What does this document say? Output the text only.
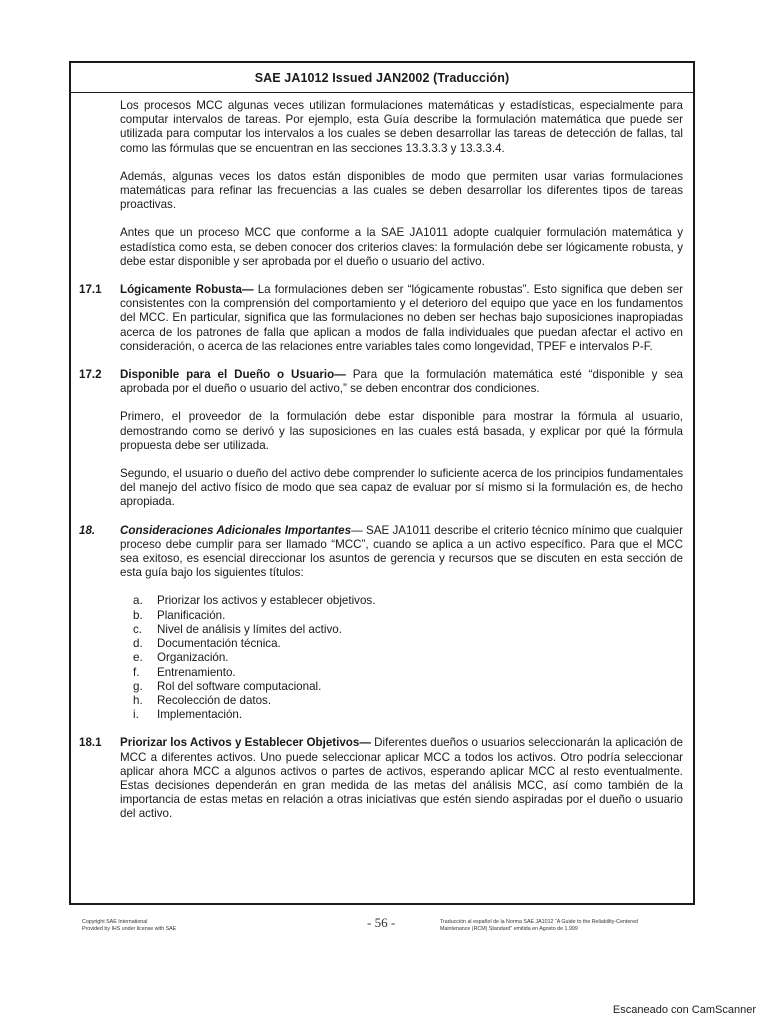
SAE JA1012 Issued JAN2002 (Traducción)

Los procesos MCC algunas veces utilizan formulaciones matemáticas y estadísticas, especialmente para computar intervalos de tareas. Por ejemplo, esta Guía describe la formulación matemática que puede ser utilizada para computar los intervalos a los cuales se deben desarrollar las tareas de detección de fallas, tal como las fórmulas que se encuentran en las secciones 13.3.3.3 y 13.3.3.4.

Además, algunas veces los datos están disponibles de modo que permiten usar varias formulaciones matemáticas para refinar las frecuencias a las cuales se deben desarrollar los diferentes tipos de tareas proactivas.

Antes que un proceso MCC que conforme a la SAE JA1011 adopte cualquier formulación matemática y estadística como esta, se deben conocer dos criterios claves: la formulación debe ser lógicamente robusta, y debe estar disponible y ser aprobada por el dueño o usuario del activo.

17.1	Lógicamente Robusta— La formulaciones deben ser “lógicamente robustas”. Esto significa que deben ser consistentes con la comprensión del comportamiento y el deterioro del equipo que yace en los fundamentos del MCC. En particular, significa que las formulaciones no deben ser hechas bajo suposiciones inapropiadas acerca de los patrones de falla que aplican a modos de falla individuales que puedan afectar el activo en consideración, o acerca de las relaciones entre variables tales como longevidad, TPEF e intervalos P-F.
17.2	Disponible para el Dueño o Usuario— Para que la formulación matemática esté “disponible y sea aprobada por el dueño o usuario del activo,” se deben encontrar dos condiciones.

Primero, el proveedor de la formulación debe estar disponible para mostrar la fórmula al usuario, demostrando como se derivó y las suposiciones en las cuales está basada, y explicar por qué la fórmula propuesta debe ser utilizada.

Segundo, el usuario o dueño del activo debe comprender lo suficiente acerca de los principios fundamentales del manejo del activo físico de modo que sea capaz de evaluar por sí mismo si la formulación es, de hecho apropiada.

18.	Consideraciones Adicionales Importantes— SAE JA1011 describe el criterio técnico mínimo que cualquier proceso debe cumplir para ser llamado “MCC”, cuando se aplica a un activo específico. Para que el MCC sea exitoso, es esencial direccionar los asuntos de gerencia y recursos que se discuten en esta sección de esta guía bajo los siguientes títulos:
a.	Priorizar los activos y establecer objetivos.
b.	Planificación.
c.	Nivel de análisis y límites del activo.
d.	Documentación técnica.
e.	Organización.
f.	Entrenamiento.
g.	Rol del software computacional.
h.	Recolección de datos.
i.	Implementación.
18.1	Priorizar los Activos y Establecer Objetivos— Diferentes dueños o usuarios seleccionarán la aplicación de MCC a diferentes activos. Uno puede seleccionar aplicar MCC a todos los activos. Otro podría seleccionar aplicar ahora MCC a algunos activos o partes de activos, esperando aplicar MCC al resto eventualmente. Estas decisiones dependerán en gran medida de las metas del análisis MCC, así como también de la importancia de estas metas en relación a otras iniciativas que estén siendo aspiradas por el dueño o usuario del activo.
Copyright SAE International
Provided by IHS under license with SAE	- 56 -	Traducción al español de la Norma SAE JA1012 “A Guide to the Reliability-Centered
Maintenance (RCM) Standard” emitida en Agosto de 1.999
Escaneado con CamScanner
